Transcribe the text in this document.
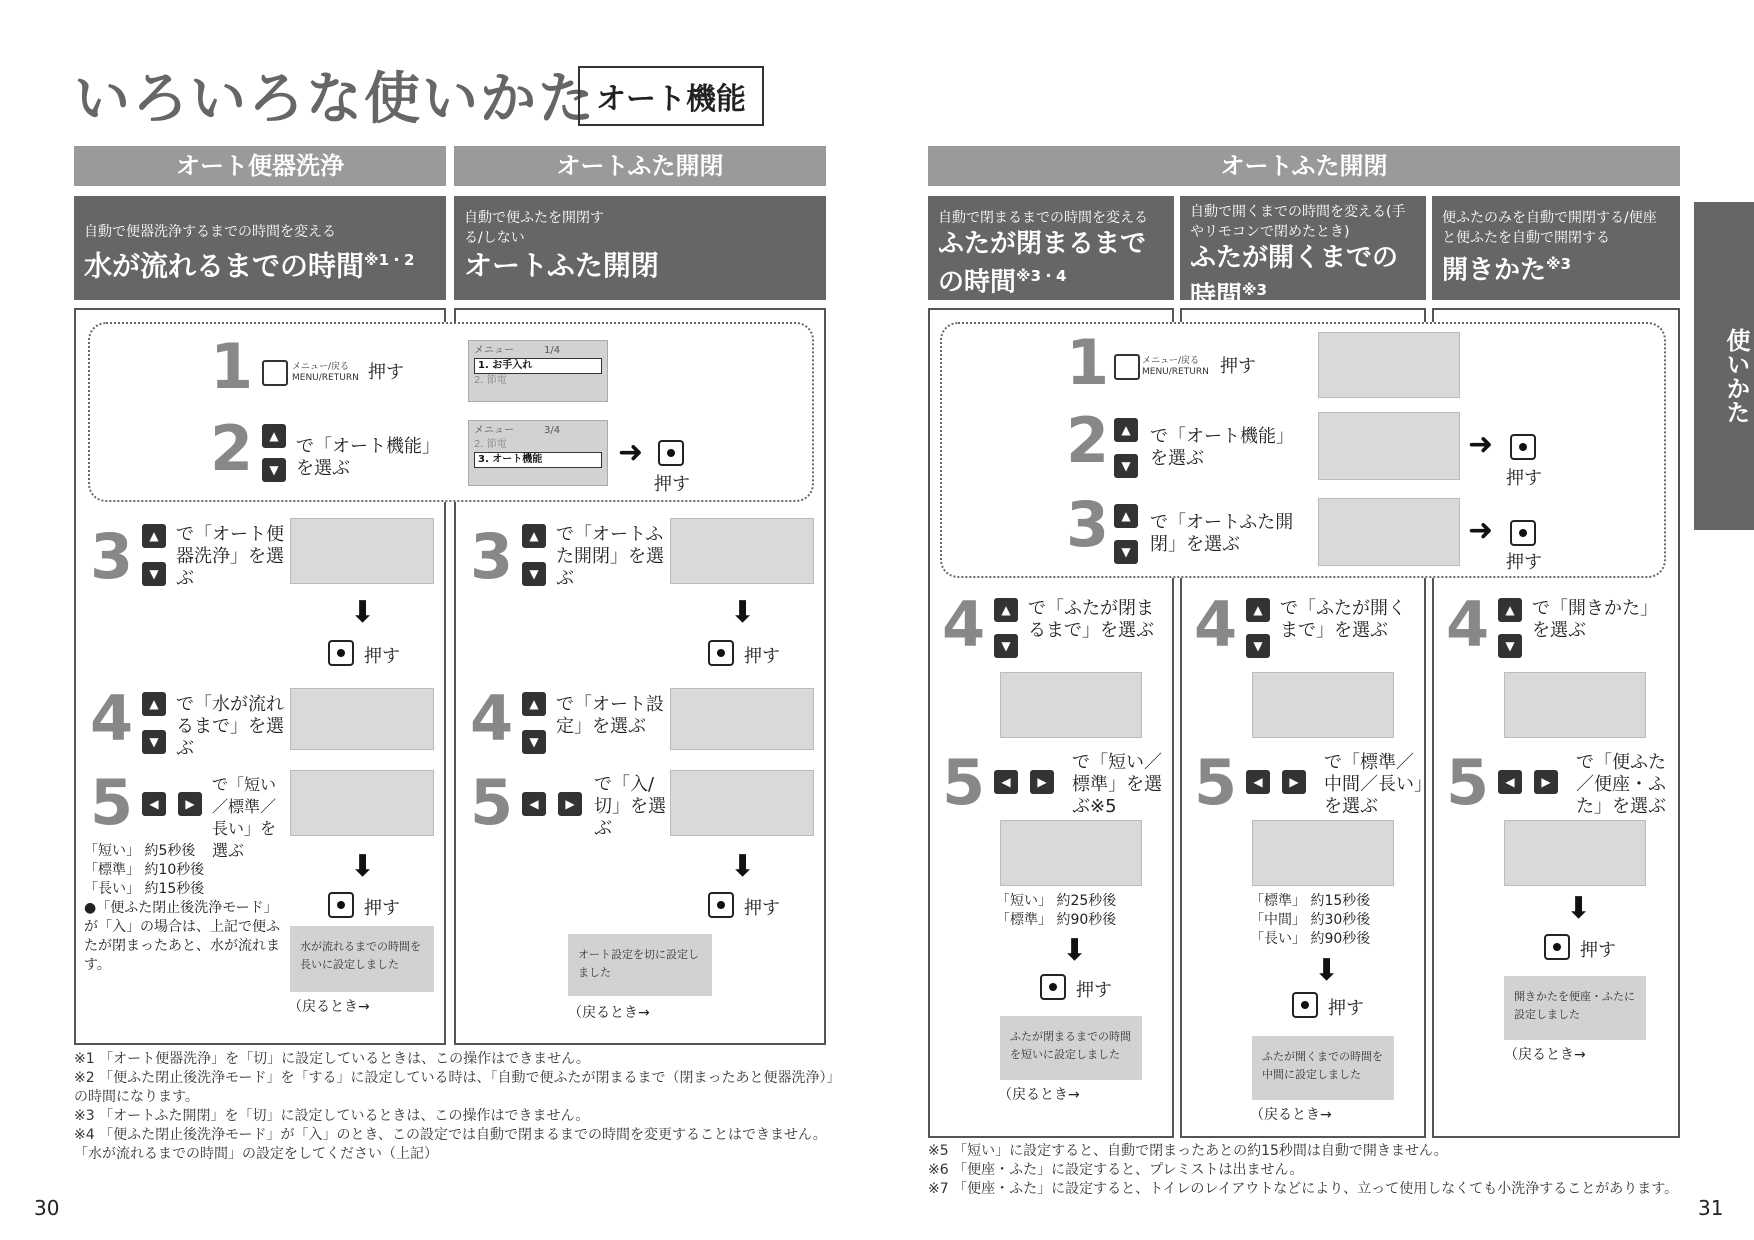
いろいろな使いかた オート機能
オート便器洗浄	オートふた開閉
自動で便器洗浄するまでの時間を変える
水が流れるまでの時間$^{※1・2}$
自動で便ふたを開閉する/しない
オートふた開閉
1	メニュー/戻る MENU/RETURN 押す
メニュー　　　1/4
1. お手入れ
2. 節電
2	▲
▼
で「オート機能」を選ぶ
メニュー　　　3/4
2. 節電
3. オート機能	➜
押す
3	▲
▼
で「オート便器洗浄」を選ぶ
⬇
押す
4	▲
▼
で「水が流れるまで」を選ぶ
5	◀	▶
で「短い／標準／長い」を選ぶ
「短い」 約5秒後
「標準」 約10秒後
「長い」 約15秒後
●「便ふた閉止後洗浄モード」が「入」の場合は、上記で便ふたが閉まったあと、水が流れます。
⬇
押す
水が流れるまでの時間を長いに設定しました
（戻るとき→
3	▲
▼
で「オートふた開閉」を選ぶ
⬇
押す
4	▲
▼
で「オート設定」を選ぶ
5	◀	▶
で「入/切」を選ぶ
⬇
押す
オート設定を切に設定しました
（戻るとき→
※1 「オート便器洗浄」を「切」に設定しているときは、この操作はできません。
※2 「便ふた閉止後洗浄モード」を「する」に設定している時は、「自動で便ふたが閉まるまで（閉まったあと便器洗浄）」の時間になります。
※3 「オートふた開閉」を「切」に設定しているときは、この操作はできません。
※4 「便ふた閉止後洗浄モード」が「入」のとき、この設定では自動で閉まるまでの時間を変更することはできません。「水が流れるまでの時間」の設定をしてください（上記）
30
オートふた開閉
自動で閉まるまでの時間を変える
ふたが閉まるまでの時間$^{※3・4}$
自動で開くまでの時間を変える(手やリモコンで閉めたとき)
ふたが開くまでの時間$^{※3}$
便ふたのみを自動で開閉する/便座と便ふたを自動で開閉する
開きかた$^{※3}$
1	メニュー/戻る MENU/RETURN 押す
2	▲
▼
で「オート機能」を選ぶ	➜
押す
3	▲
▼
で「オートふた開閉」を選ぶ	➜
押す
4	▲
▼
で「ふたが閉まるまで」を選ぶ
5	◀	▶
で「短い／標準」を選ぶ※5
「短い」 約25秒後
「標準」 約90秒後
⬇
押す
ふたが閉まるまでの時間を短いに設定しました
（戻るとき→
4	▲
▼
で「ふたが開くまで」を選ぶ
5	◀	▶
で「標準／中間／長い」を選ぶ
「標準」 約15秒後
「中間」 約30秒後
「長い」 約90秒後
⬇
押す
ふたが開くまでの時間を中間に設定しました
（戻るとき→
4	▲
▼
で「開きかた」を選ぶ
5	◀	▶
で「便ふた／便座・ふた」を選ぶ
⬇
押す
開きかたを便座・ふたに設定しました
（戻るとき→
※5 「短い」に設定すると、自動で閉まったあとの約15秒間は自動で開きません。
※6 「便座・ふた」に設定すると、プレミストは出ません。
※7 「便座・ふた」に設定すると、トイレのレイアウトなどにより、立って使用しなくても小洗浄することがあります。
31
使いかた
